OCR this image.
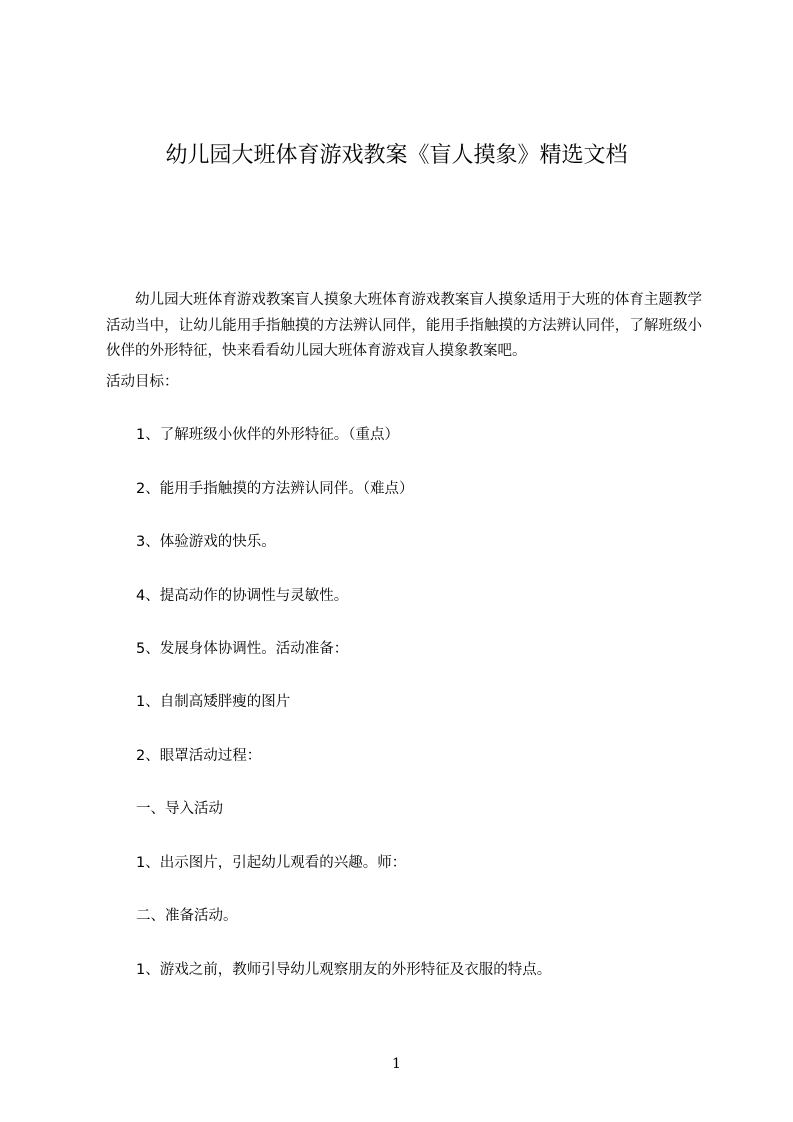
幼儿园大班体育游戏教案《盲人摸象》精选文档

幼儿园大班体育游戏教案盲人摸象大班体育游戏教案盲人摸象适用于大班的体育主题教学活动当中，让幼儿能用手指触摸的方法辨认同伴，能用手指触摸的方法辨认同伴，了解班级小伙伴的外形特征，快来看看幼儿园大班体育游戏盲人摸象教案吧。

活动目标：

1、了解班级小伙伴的外形特征。（重点）

2、能用手指触摸的方法辨认同伴。（难点）

3、体验游戏的快乐。

4、提高动作的协调性与灵敏性。

5、发展身体协调性。活动准备：

1、自制高矮胖瘦的图片

2、眼罩活动过程：

一、导入活动

1、出示图片，引起幼儿观看的兴趣。师：

二、准备活动。

1、游戏之前，教师引导幼儿观察朋友的外形特征及衣服的特点。

1
